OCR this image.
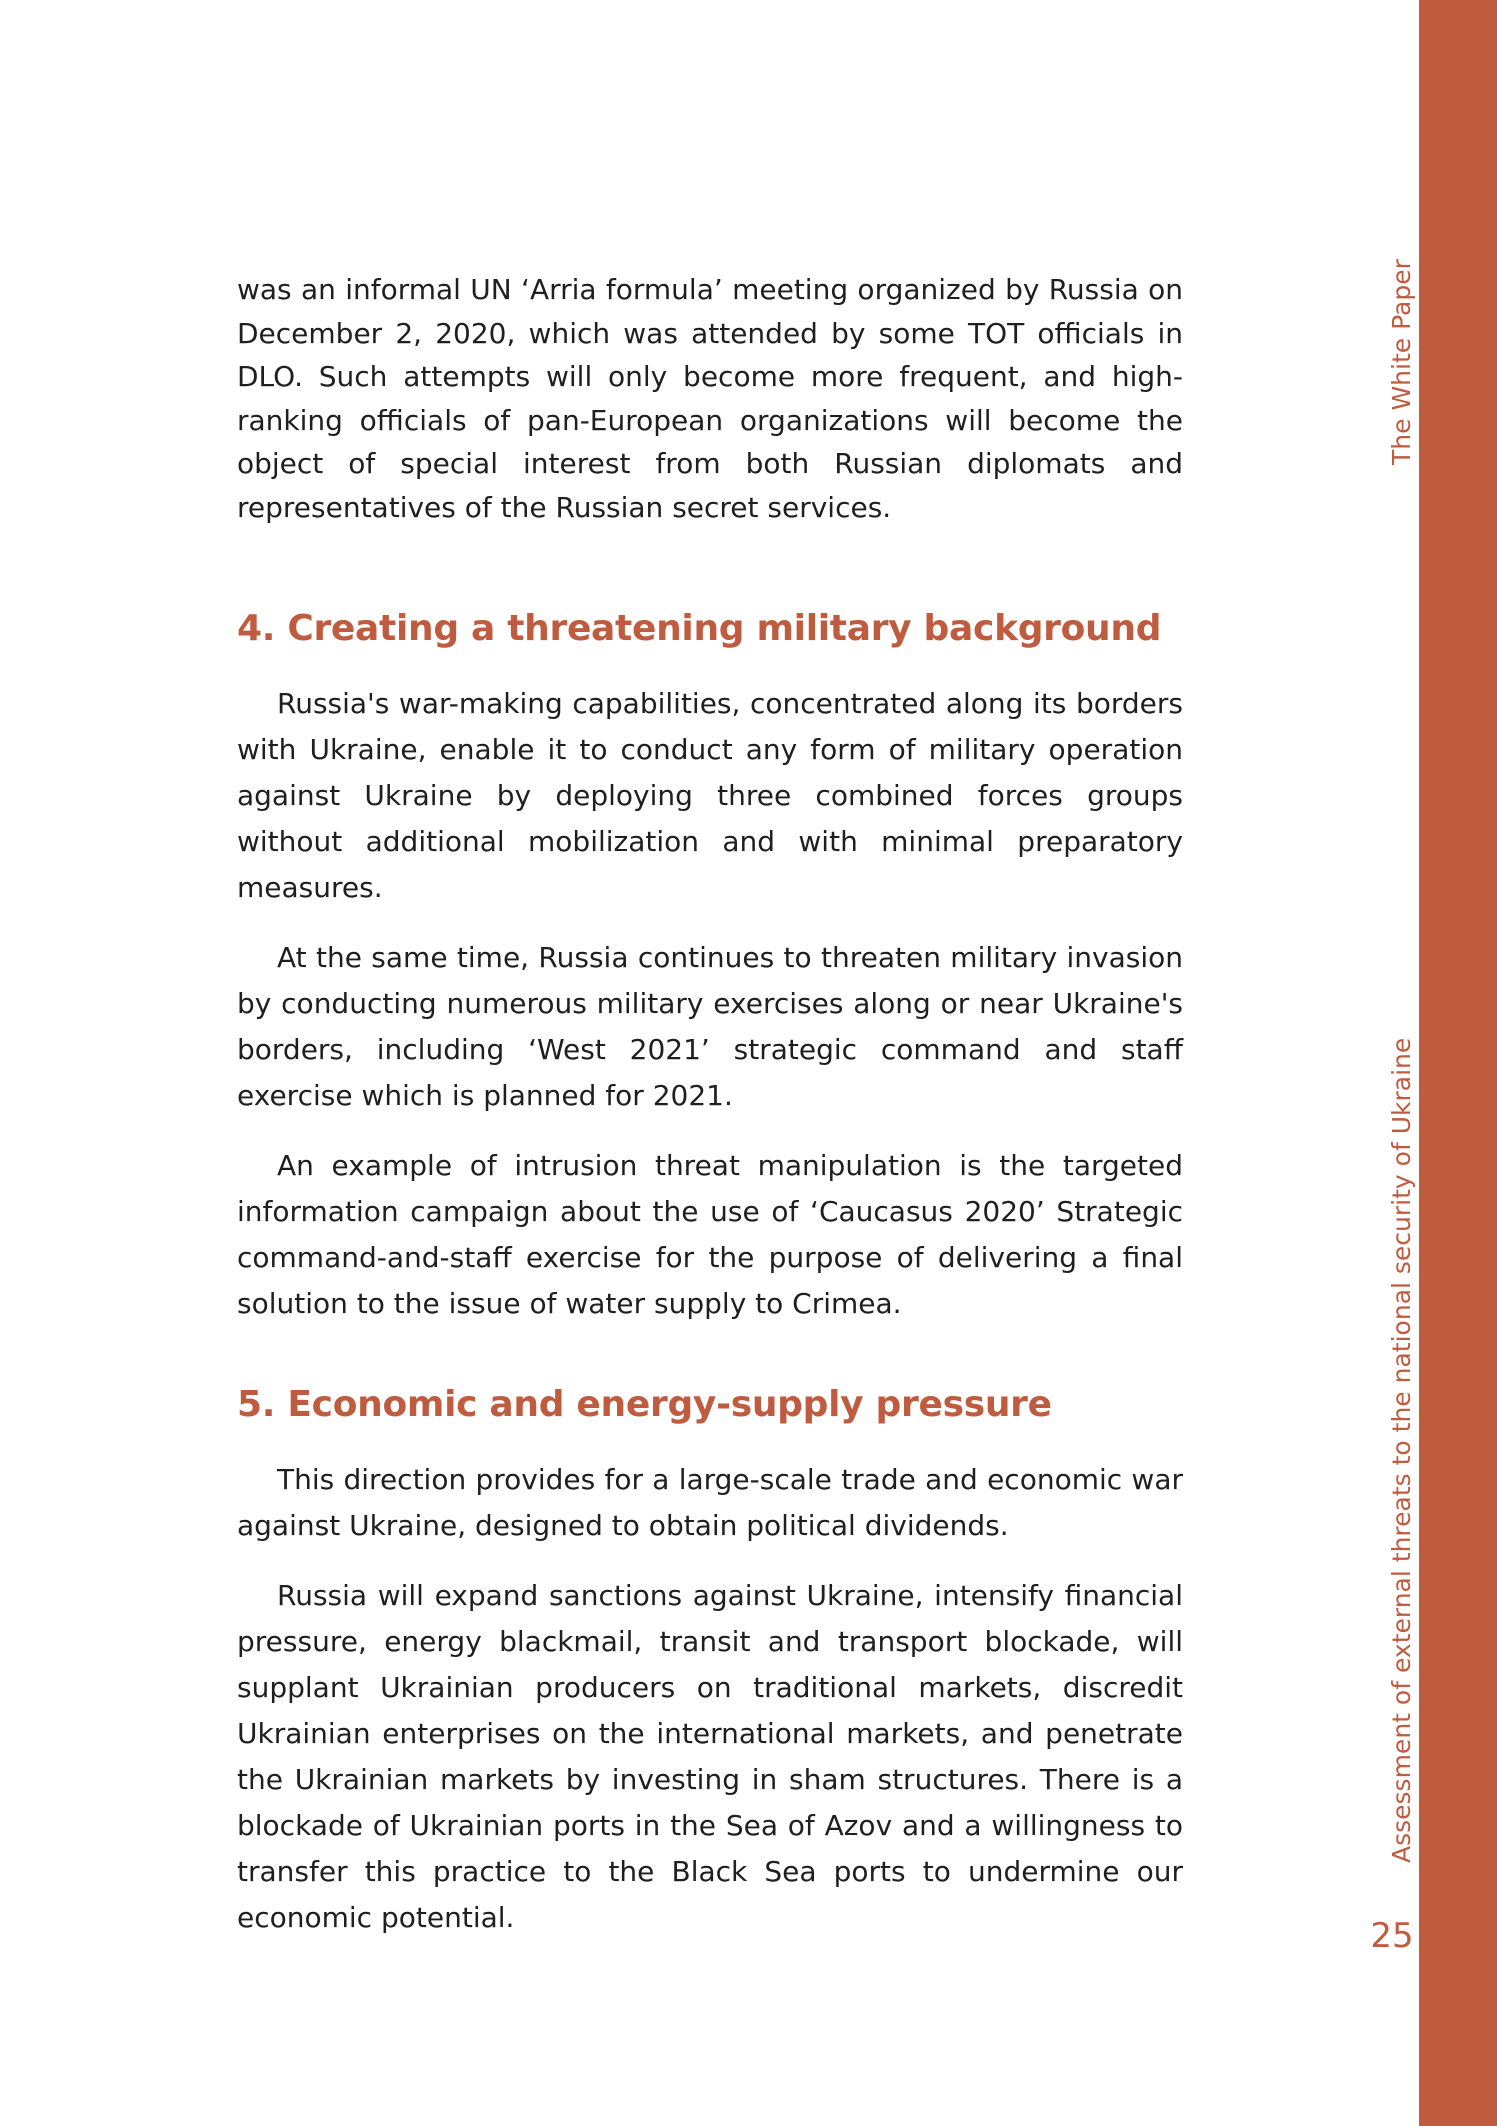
The White Paper
Assessment of external threats to the national security of Ukraine
25

was an informal UN ‘Arria formula’ meeting organized by Russia on December 2, 2020, which was attended by some TOT officials in DLO. Such attempts will only become more frequent, and high-ranking officials of pan-European organizations will become the object of special interest from both Russian diplomats and representatives of the Russian secret services.

4. Creating a threatening military background

Russia's war-making capabilities, concentrated along its borders with Ukraine, enable it to conduct any form of military operation against Ukraine by deploying three combined forces groups without additional mobilization and with minimal preparatory measures.

At the same time, Russia continues to threaten military invasion by conducting numerous military exercises along or near Ukraine's borders, including ‘West 2021’ strategic command and staff exercise which is planned for 2021.

An example of intrusion threat manipulation is the targeted information campaign about the use of ‘Caucasus 2020’ Strategic command-and-staff exercise for the purpose of delivering a final solution to the issue of water supply to Crimea.

5. Economic and energy-supply pressure

This direction provides for a large-scale trade and economic war against Ukraine, designed to obtain political dividends.

Russia will expand sanctions against Ukraine, intensify financial pressure, energy blackmail, transit and transport blockade, will supplant Ukrainian producers on traditional markets, discredit Ukrainian enterprises on the international markets, and penetrate the Ukrainian markets by investing in sham structures. There is a blockade of Ukrainian ports in the Sea of Azov and a willingness to transfer this practice to the Black Sea ports to undermine our economic potential.
